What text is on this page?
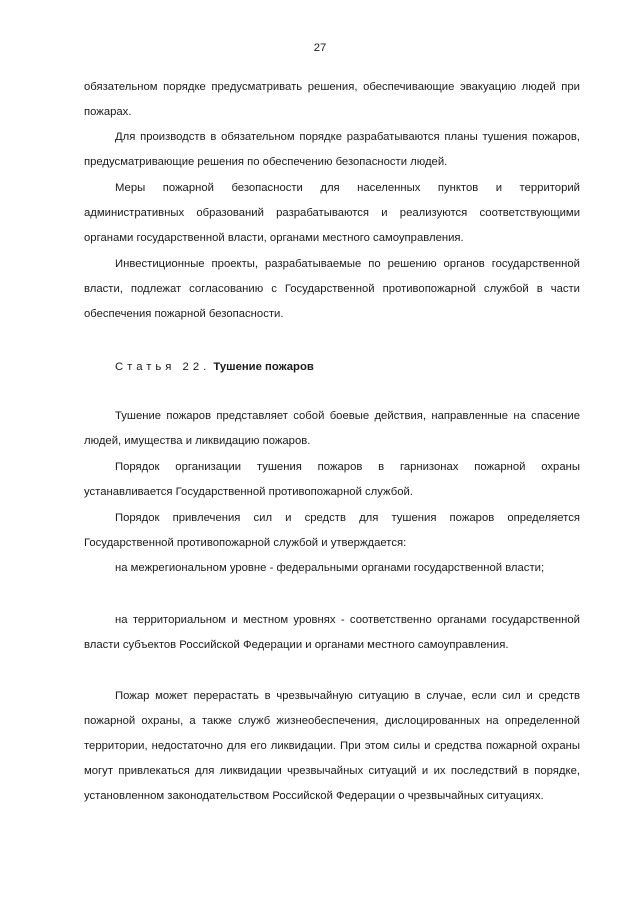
27

обязательном порядке предусматривать решения, обеспечивающие эвакуацию людей при пожарах.

Для производств в обязательном порядке разрабатываются планы тушения пожаров, предусматривающие решения по обеспечению безопасности людей.

Меры пожарной безопасности для населенных пунктов и территорий административных образований разрабатываются и реализуются соответствующими органами государственной власти, органами местного самоуправления.

Инвестиционные проекты, разрабатываемые по решению органов государственной власти, подлежат согласованию с Государственной противопожарной службой в части обеспечения пожарной безопасности.

Статья 22. Тушение пожаров

Тушение пожаров представляет собой боевые действия, направленные на спасение людей, имущества и ликвидацию пожаров.

Порядок организации тушения пожаров в гарнизонах пожарной охраны устанавливается Государственной противопожарной службой.

Порядок привлечения сил и средств для тушения пожаров определяется Государственной противопожарной службой и утверждается:

на межрегиональном уровне - федеральными органами государственной власти;

на территориальном и местном уровнях - соответственно органами государственной власти субъектов Российской Федерации и органами местного самоуправления.

Пожар может перерастать в чрезвычайную ситуацию в случае, если сил и средств пожарной охраны, а также служб жизнеобеспечения, дислоцированных на определенной территории, недостаточно для его ликвидации. При этом силы и средства пожарной охраны могут привлекаться для ликвидации чрезвычайных ситуаций и их последствий в порядке, установленном законодательством Российской Федерации о чрезвычайных ситуациях.
